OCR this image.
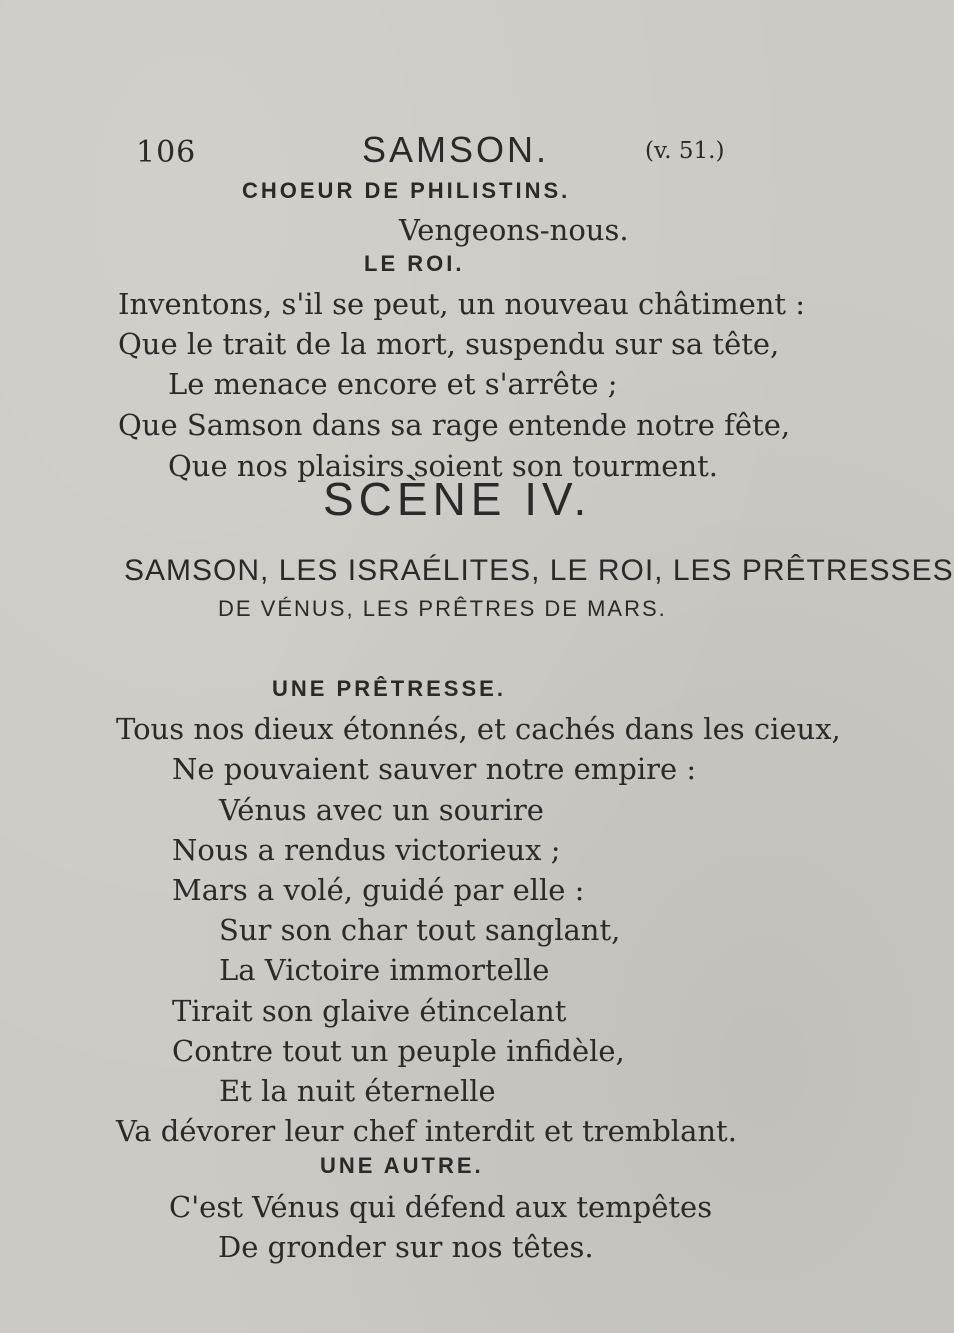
106	SAMSON.	(v. 51.)
CHOEUR DE PHILISTINS.
Vengeons-nous.
LE ROI.
Inventons, s'il se peut, un nouveau châtiment :
Que le trait de la mort, suspendu sur sa tête,
Le menace encore et s'arrête ;
Que Samson dans sa rage entende notre fête,
Que nos plaisirs soient son tourment.
SCÈNE IV.
SAMSON, LES ISRAÉLITES, LE ROI, LES PRÊTRESSES
DE VÉNUS, LES PRÊTRES DE MARS.
UNE PRÊTRESSE.
Tous nos dieux étonnés, et cachés dans les cieux,
Ne pouvaient sauver notre empire :
Vénus avec un sourire
Nous a rendus victorieux ;
Mars a volé, guidé par elle :
Sur son char tout sanglant,
La Victoire immortelle
Tirait son glaive étincelant
Contre tout un peuple infidèle,
Et la nuit éternelle
Va dévorer leur chef interdit et tremblant.
UNE AUTRE.
C'est Vénus qui défend aux tempêtes
De gronder sur nos têtes.
